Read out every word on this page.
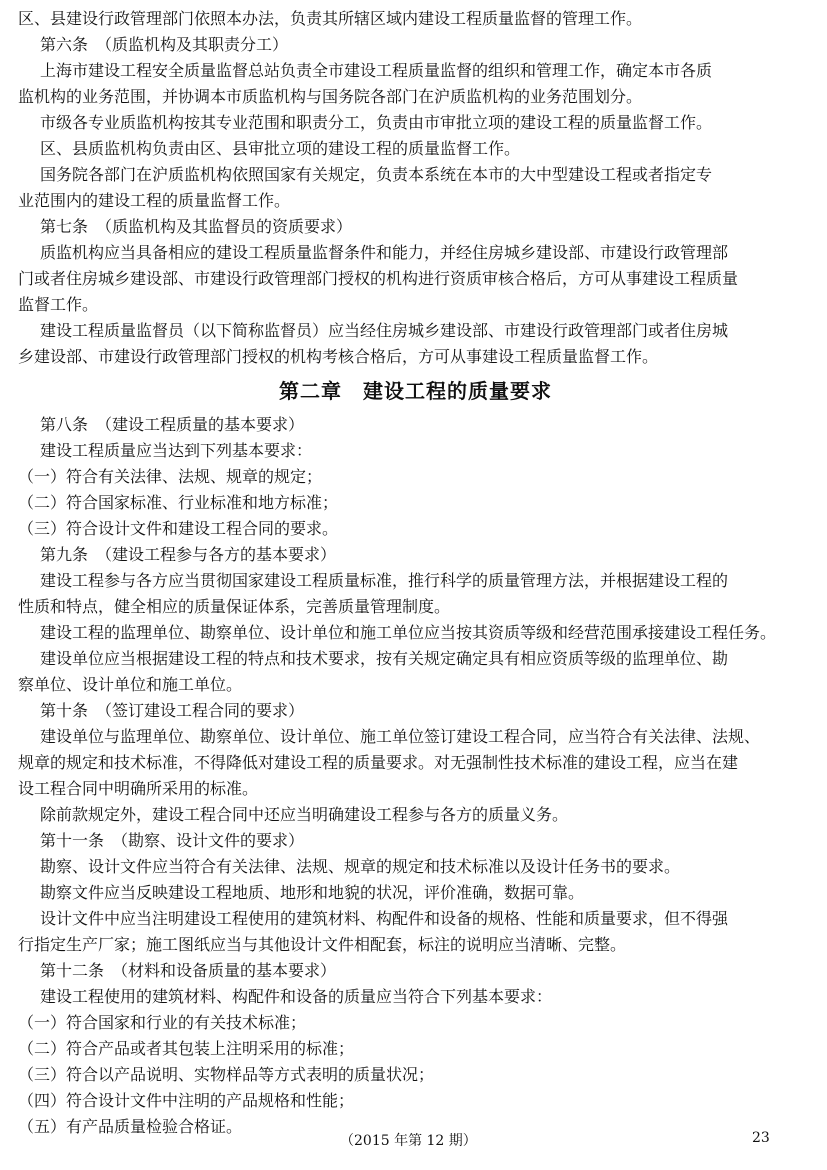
区、县建设行政管理部门依照本办法，负责其所辖区域内建设工程质量监督的管理工作。
第六条　（质监机构及其职责分工）
上海市建设工程安全质量监督总站负责全市建设工程质量监督的组织和管理工作，确定本市各质
监机构的业务范围，并协调本市质监机构与国务院各部门在沪质监机构的业务范围划分。
市级各专业质监机构按其专业范围和职责分工，负责由市审批立项的建设工程的质量监督工作。
区、县质监机构负责由区、县审批立项的建设工程的质量监督工作。
国务院各部门在沪质监机构依照国家有关规定，负责本系统在本市的大中型建设工程或者指定专
业范围内的建设工程的质量监督工作。
第七条　（质监机构及其监督员的资质要求）
质监机构应当具备相应的建设工程质量监督条件和能力，并经住房城乡建设部、市建设行政管理部
门或者住房城乡建设部、市建设行政管理部门授权的机构进行资质审核合格后，方可从事建设工程质量
监督工作。
建设工程质量监督员（以下简称监督员）应当经住房城乡建设部、市建设行政管理部门或者住房城
乡建设部、市建设行政管理部门授权的机构考核合格后，方可从事建设工程质量监督工作。
第二章　建设工程的质量要求
第八条　（建设工程质量的基本要求）
建设工程质量应当达到下列基本要求：
（一）符合有关法律、法规、规章的规定；
（二）符合国家标准、行业标准和地方标准；
（三）符合设计文件和建设工程合同的要求。
第九条　（建设工程参与各方的基本要求）
建设工程参与各方应当贯彻国家建设工程质量标准，推行科学的质量管理方法，并根据建设工程的
性质和特点，健全相应的质量保证体系，完善质量管理制度。
建设工程的监理单位、勘察单位、设计单位和施工单位应当按其资质等级和经营范围承接建设工程任务。
建设单位应当根据建设工程的特点和技术要求，按有关规定确定具有相应资质等级的监理单位、勘
察单位、设计单位和施工单位。
第十条　（签订建设工程合同的要求）
建设单位与监理单位、勘察单位、设计单位、施工单位签订建设工程合同，应当符合有关法律、法规、
规章的规定和技术标准，不得降低对建设工程的质量要求。对无强制性技术标准的建设工程，应当在建
设工程合同中明确所采用的标准。
除前款规定外，建设工程合同中还应当明确建设工程参与各方的质量义务。
第十一条　（勘察、设计文件的要求）
勘察、设计文件应当符合有关法律、法规、规章的规定和技术标准以及设计任务书的要求。
勘察文件应当反映建设工程地质、地形和地貌的状况，评价准确，数据可靠。
设计文件中应当注明建设工程使用的建筑材料、构配件和设备的规格、性能和质量要求，但不得强
行指定生产厂家；施工图纸应当与其他设计文件相配套，标注的说明应当清晰、完整。
第十二条　（材料和设备质量的基本要求）
建设工程使用的建筑材料、构配件和设备的质量应当符合下列基本要求：
（一）符合国家和行业的有关技术标准；
（二）符合产品或者其包装上注明采用的标准；
（三）符合以产品说明、实物样品等方式表明的质量状况；
（四）符合设计文件中注明的产品规格和性能；
（五）有产品质量检验合格证。
（2015 年第 12 期）	23
